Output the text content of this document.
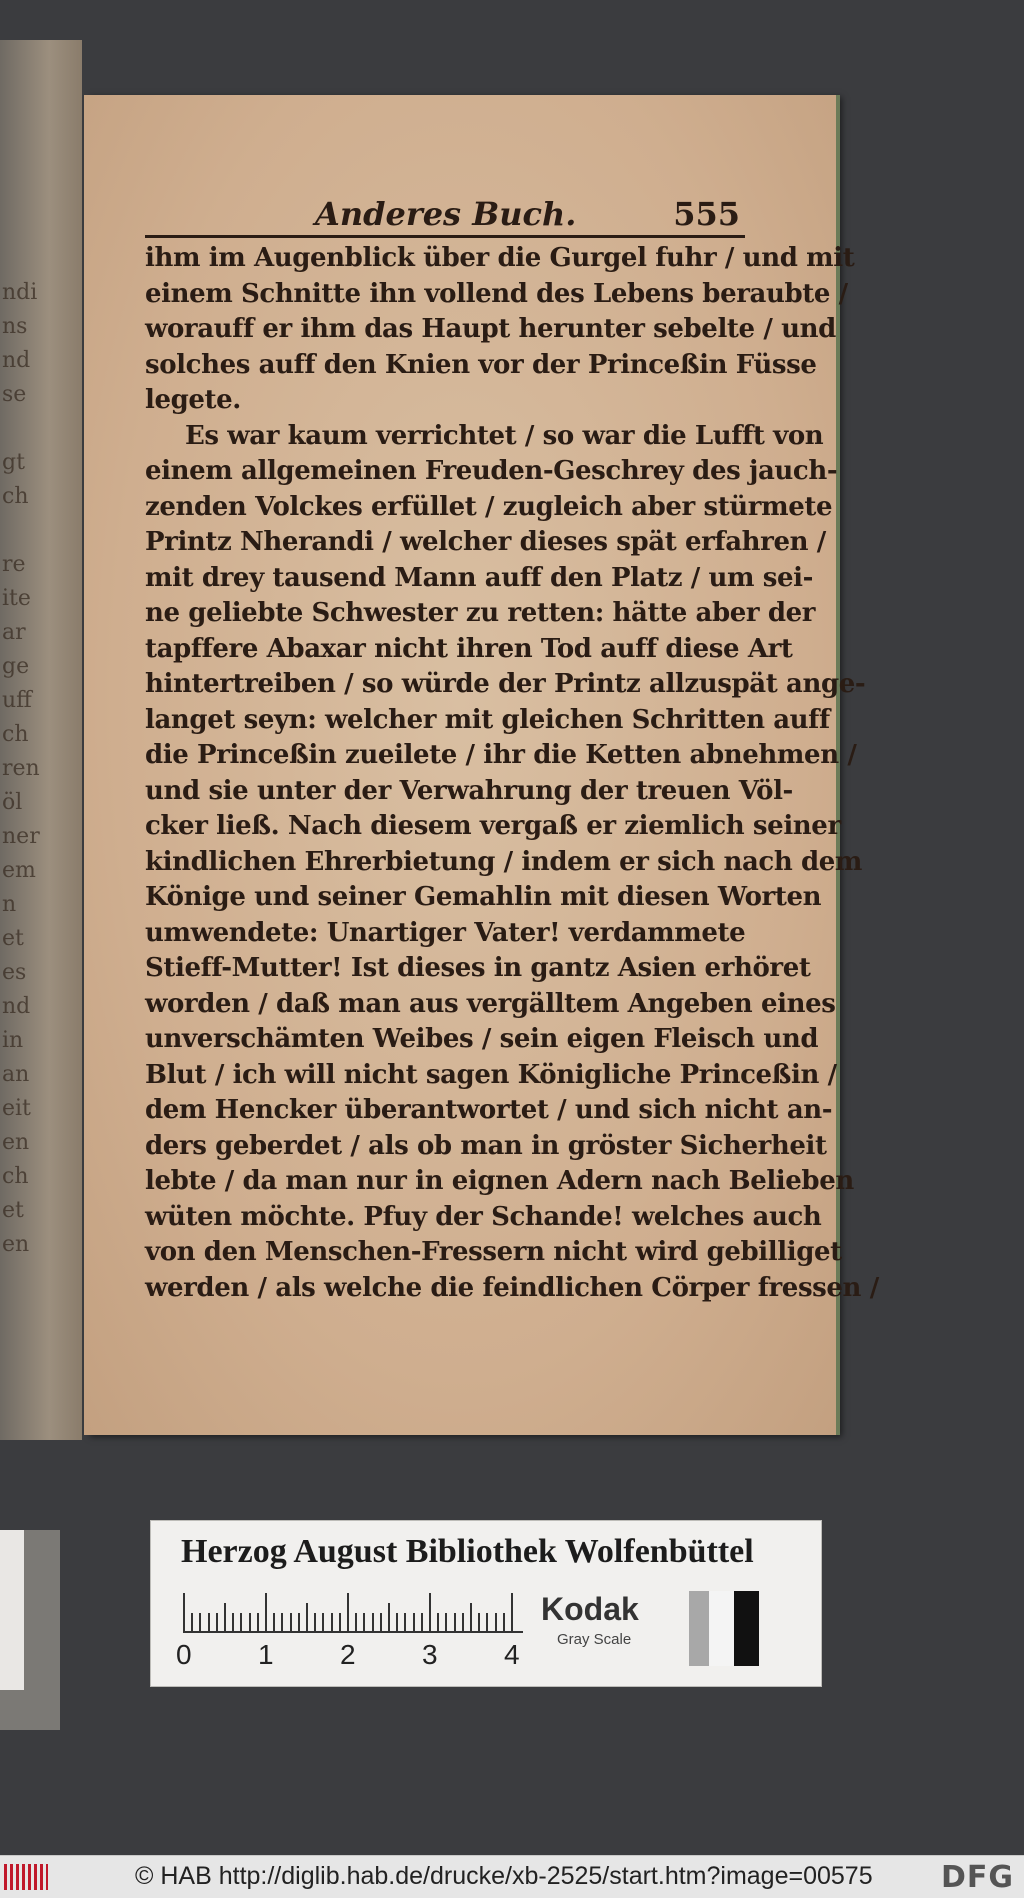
ndi
ns
nd
se
gt
ch
re
ite
ar
ge
uff
ch
ren
öl
ner
em
n
et
es
nd
in
an
eit
en
ch
et
en
Anderes Buch.	555
ihm im Augenblick über die Gurgel fuhr / und mit
einem Schnitte ihn vollend des Lebens beraubte /
worauff er ihm das Haupt herunter sebelte / und
solches auff den Knien vor der Princeßin Füsse
legete.
Es war kaum verrichtet / so war die Lufft von
einem allgemeinen Freuden-Geschrey des jauch-
zenden Volckes erfüllet / zugleich aber stürmete
Printz Nherandi / welcher dieses spät erfahren /
mit drey tausend Mann auff den Platz / um sei-
ne geliebte Schwester zu retten: hätte aber der
tapffere Abaxar nicht ihren Tod auff diese Art
hintertreiben / so würde der Printz allzuspät ange-
langet seyn: welcher mit gleichen Schritten auff
die Princeßin zueilete / ihr die Ketten abnehmen /
und sie unter der Verwahrung der treuen Völ-
cker ließ. Nach diesem vergaß er ziemlich seiner
kindlichen Ehrerbietung / indem er sich nach dem
Könige und seiner Gemahlin mit diesen Worten
umwendete: Unartiger Vater! verdammete
Stieff-Mutter! Ist dieses in gantz Asien erhöret
worden / daß man aus vergälltem Angeben eines
unverschämten Weibes / sein eigen Fleisch und
Blut / ich will nicht sagen Königliche Princeßin /
dem Hencker überantwortet / und sich nicht an-
ders geberdet / als ob man in gröster Sicherheit
lebte / da man nur in eignen Adern nach Belieben
wüten möchte. Pfuy der Schande! welches auch
von den Menschen-Fressern nicht wird gebilliget
werden / als welche die feindlichen Cörper fressen /
Herzog August Bibliothek Wolfenbüttel
0 1 2 3 4
Kodak
Gray Scale
© HAB http://diglib.hab.de/drucke/xb-2525/start.htm?image=00575 DFG
